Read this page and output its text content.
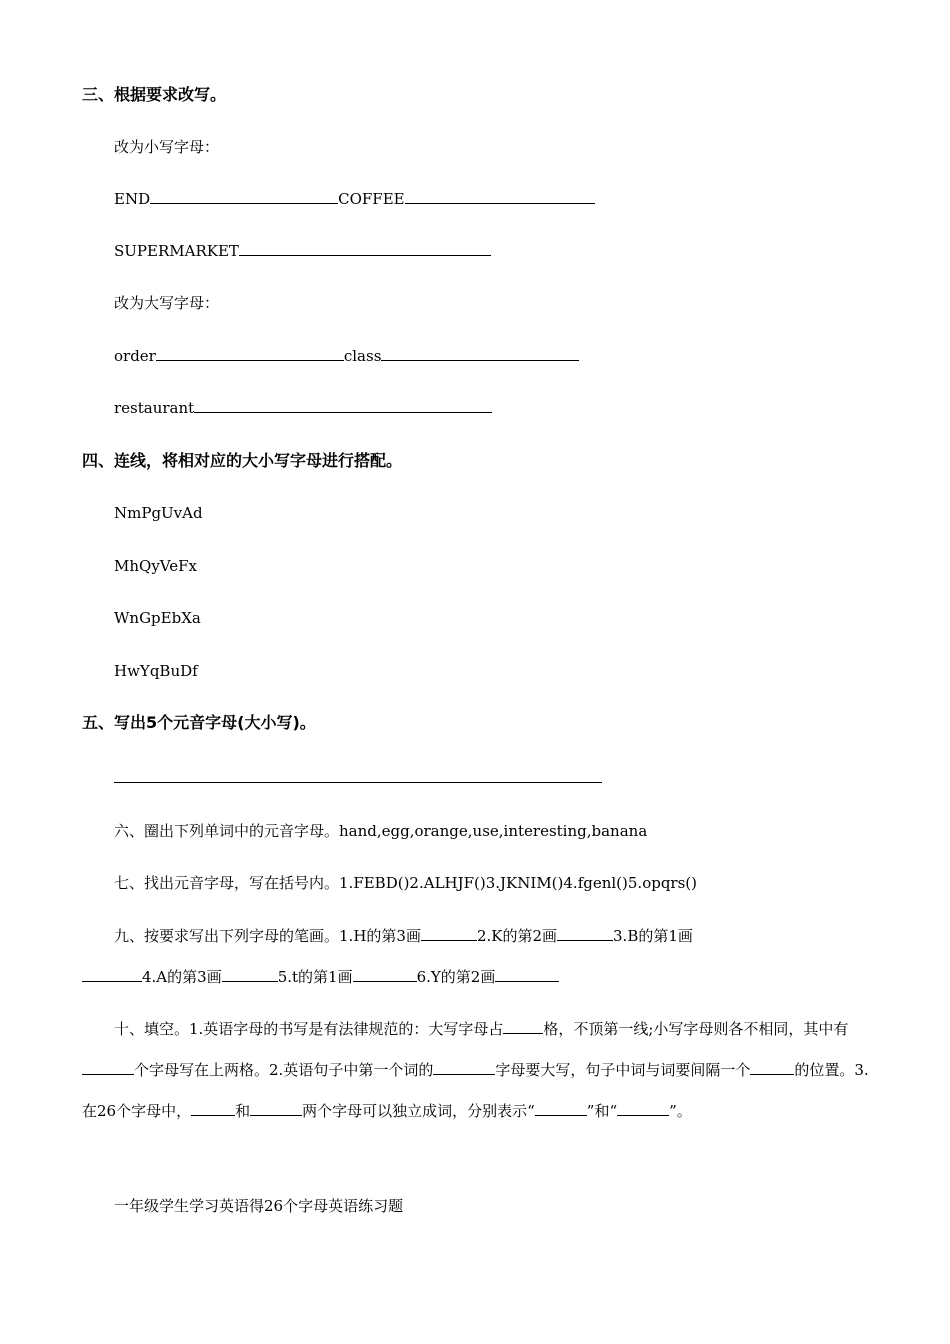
三、根据要求改写。
改为小写字母：
END	COFFEE
SUPERMARKET
改为大写字母：
order	class
restaurant
四、连线，将相对应的大小写字母进行搭配。
NmPgUvAd
MhQyVeFx
WnGpEbXa
HwYqBuDf
五、写出5个元音字母(大小写)。
六、圈出下列单词中的元音字母。hand,egg,orange,use,interesting,banana
七、找出元音字母，写在括号内。1.FEBD()2.ALHJF()3.JKNIM()4.fgenl()5.opqrs()
九、按要求写出下列字母的笔画。1.H的第3画	2.K的第2画	3.B的第1画
4.A的第3画	5.t的第1画	6.Y的第2画
十、填空。1.英语字母的书写是有法律规范的：大写字母占	格，不顶第一线;小写字母则各不相同，其中有个字母写在上两格。2.英语句子中第一个词的	字母要大写，句子中词与词要间隔一个	的位置。3.在26个字母中，	和	两个字母可以独立成词，分别表示“	”和“	”。
一年级学生学习英语得26个字母英语练习题
